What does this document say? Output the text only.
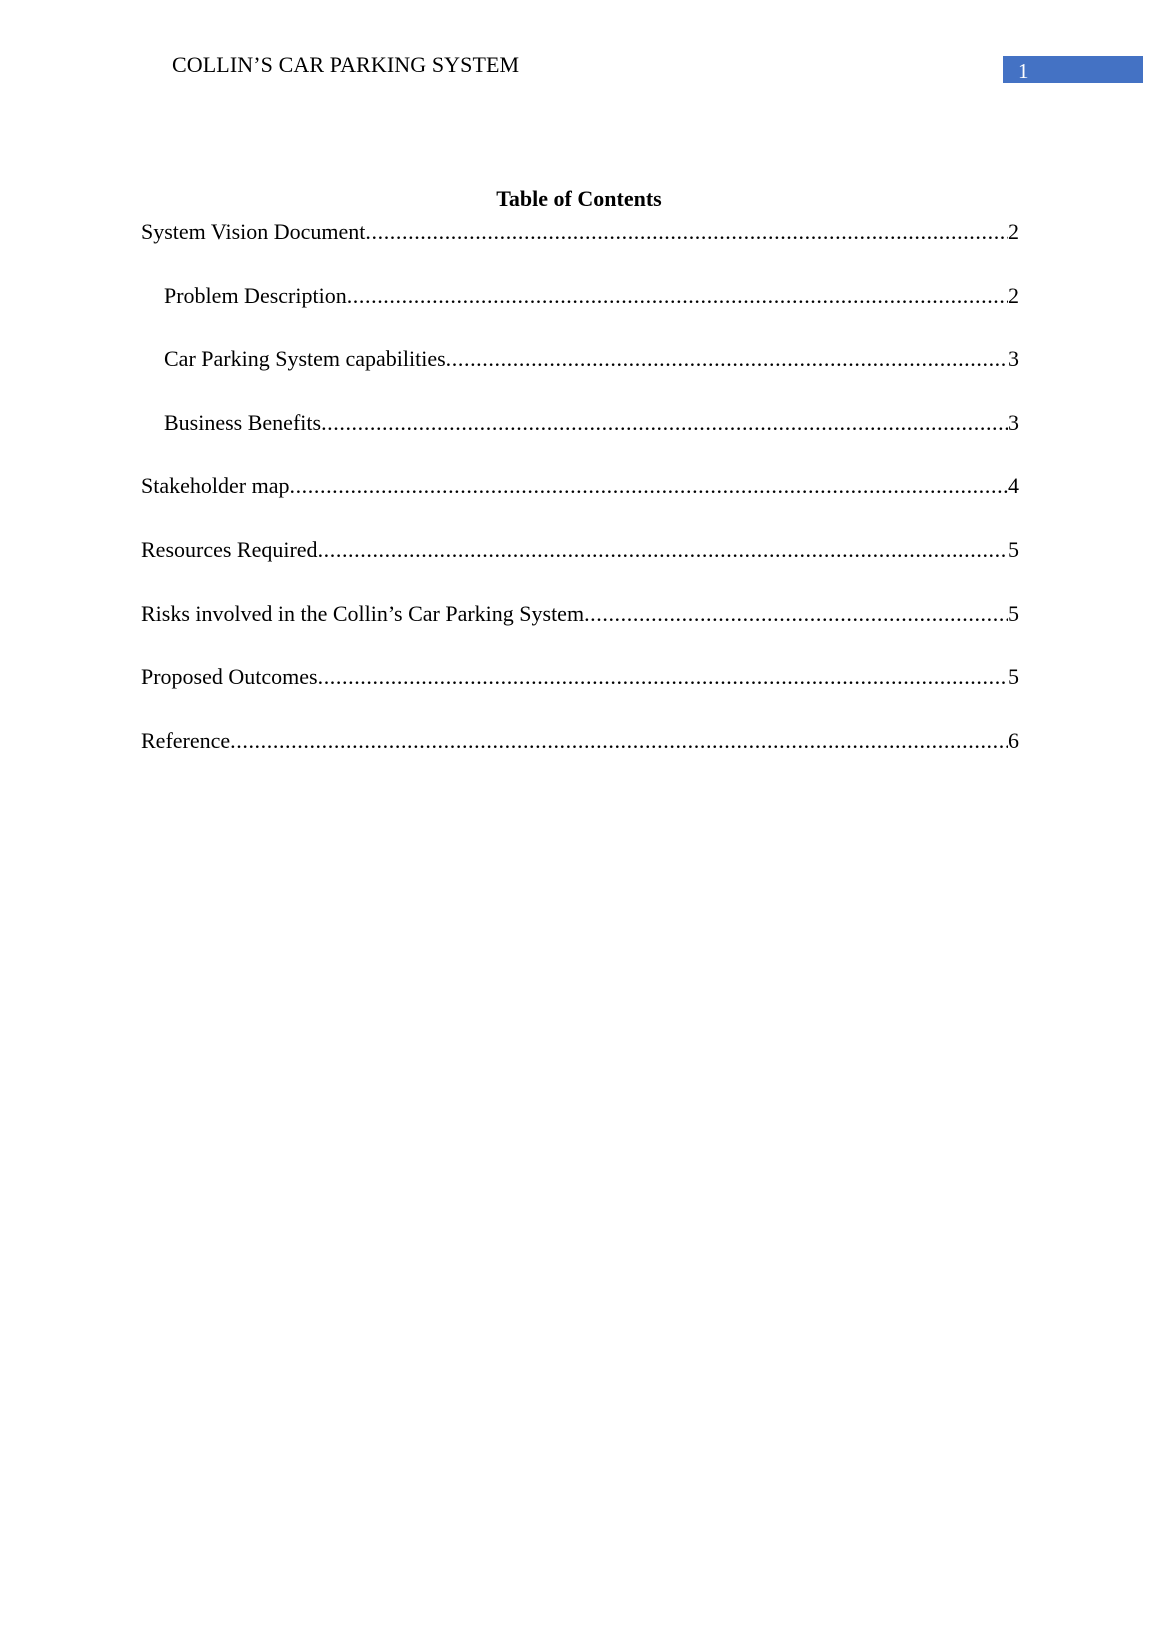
COLLIN’S CAR PARKING SYSTEM	1
Table of Contents
System Vision Document .....	2
Problem Description .....	2
Car Parking System capabilities .....	3
Business Benefits .....	3
Stakeholder map .....	4
Resources Required .....	5
Risks involved in the Collin’s Car Parking System .....	5
Proposed Outcomes .....	5
Reference .....	6
